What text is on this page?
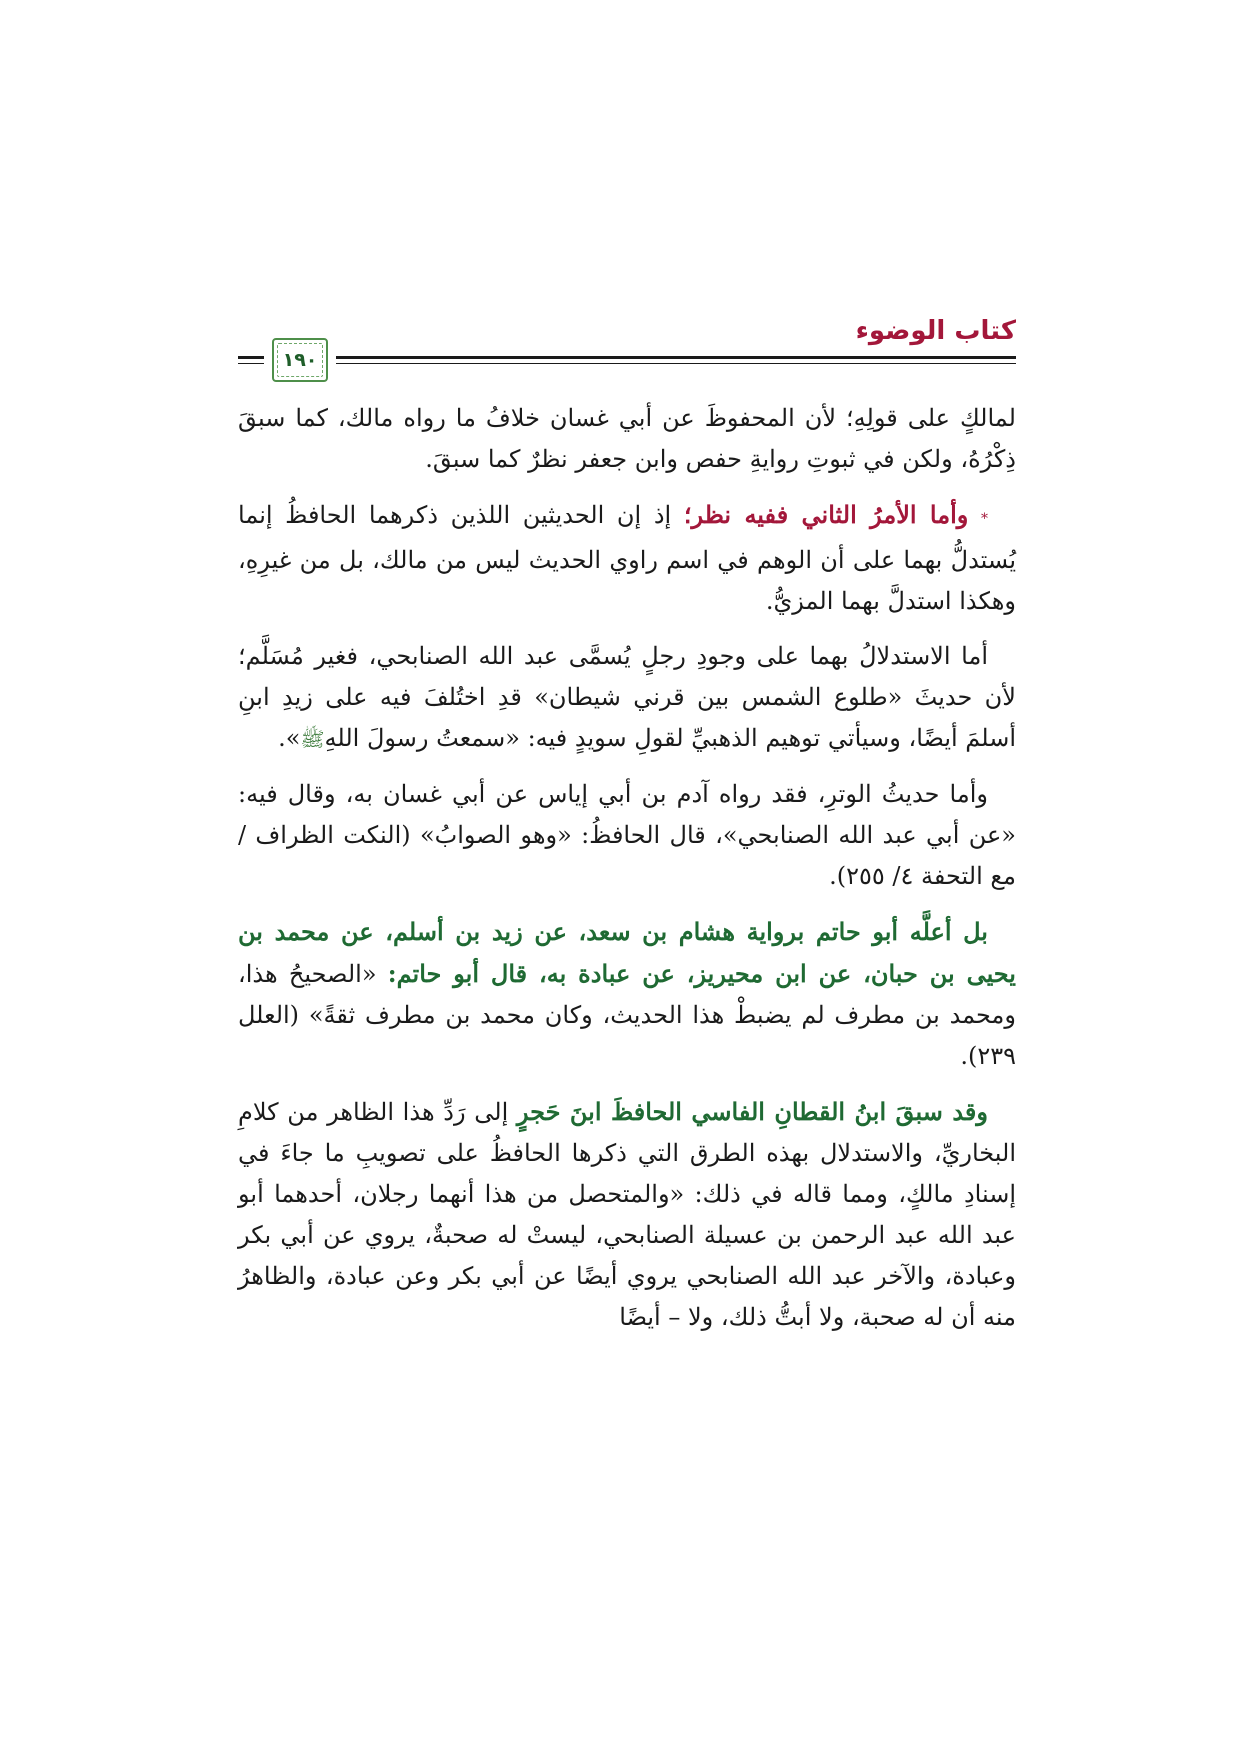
١٩٠
كتاب الوضوء

لمالكٍ على قولِهِ؛ لأن المحفوظَ عن أبي غسان خلافُ ما رواه مالك، كما سبقَ ذِكْرُهُ، ولكن في ثبوتِ روايةِ حفص وابن جعفر نظرٌ كما سبقَ.

* وأما الأمرُ الثاني ففيه نظر؛ إذ إن الحديثين اللذين ذكرهما الحافظُ إنما يُستدلُّ بهما على أن الوهم في اسم راوي الحديث ليس من مالك، بل من غيرِهِ، وهكذا استدلَّ بهما المزيُّ.

أما الاستدلالُ بهما على وجودِ رجلٍ يُسمَّى عبد الله الصنابحي، فغير مُسَلَّم؛ لأن حديثَ «طلوع الشمس بين قرني شيطان» قدِ اختُلفَ فيه على زيدِ ابنِ أسلمَ أيضًا، وسيأتي توهيم الذهبيِّ لقولِ سويدٍ فيه: «سمعتُ رسولَ اللهِﷺ».

وأما حديثُ الوترِ، فقد رواه آدم بن أبي إياس عن أبي غسان به، وقال فيه: «عن أبي عبد الله الصنابحي»، قال الحافظُ: «وهو الصوابُ» (النكت الظراف / مع التحفة ٤/ ٢٥٥).

بل أعلَّه أبو حاتم برواية هشام بن سعد، عن زيد بن أسلم، عن محمد بن يحيى بن حبان، عن ابن محيريز، عن عبادة به، قال أبو حاتم: «الصحيحُ هذا، ومحمد بن مطرف لم يضبطْ هذا الحديث، وكان محمد بن مطرف ثقةً» (العلل ٢٣٩).

وقد سبقَ ابنُ القطانِ الفاسي الحافظَ ابنَ حَجرٍ إلى رَدِّ هذا الظاهر من كلامِ البخاريِّ، والاستدلال بهذه الطرق التي ذكرها الحافظُ على تصويبِ ما جاءَ في إسنادِ مالكٍ، ومما قاله في ذلك: «والمتحصل من هذا أنهما رجلان، أحدهما أبو عبد الله عبد الرحمن بن عسيلة الصنابحي، ليستْ له صحبةٌ، يروي عن أبي بكر وعبادة، والآخر عبد الله الصنابحي يروي أيضًا عن أبي بكر وعن عبادة، والظاهرُ منه أن له صحبة، ولا أبتُّ ذلك، ولا – أيضًا
